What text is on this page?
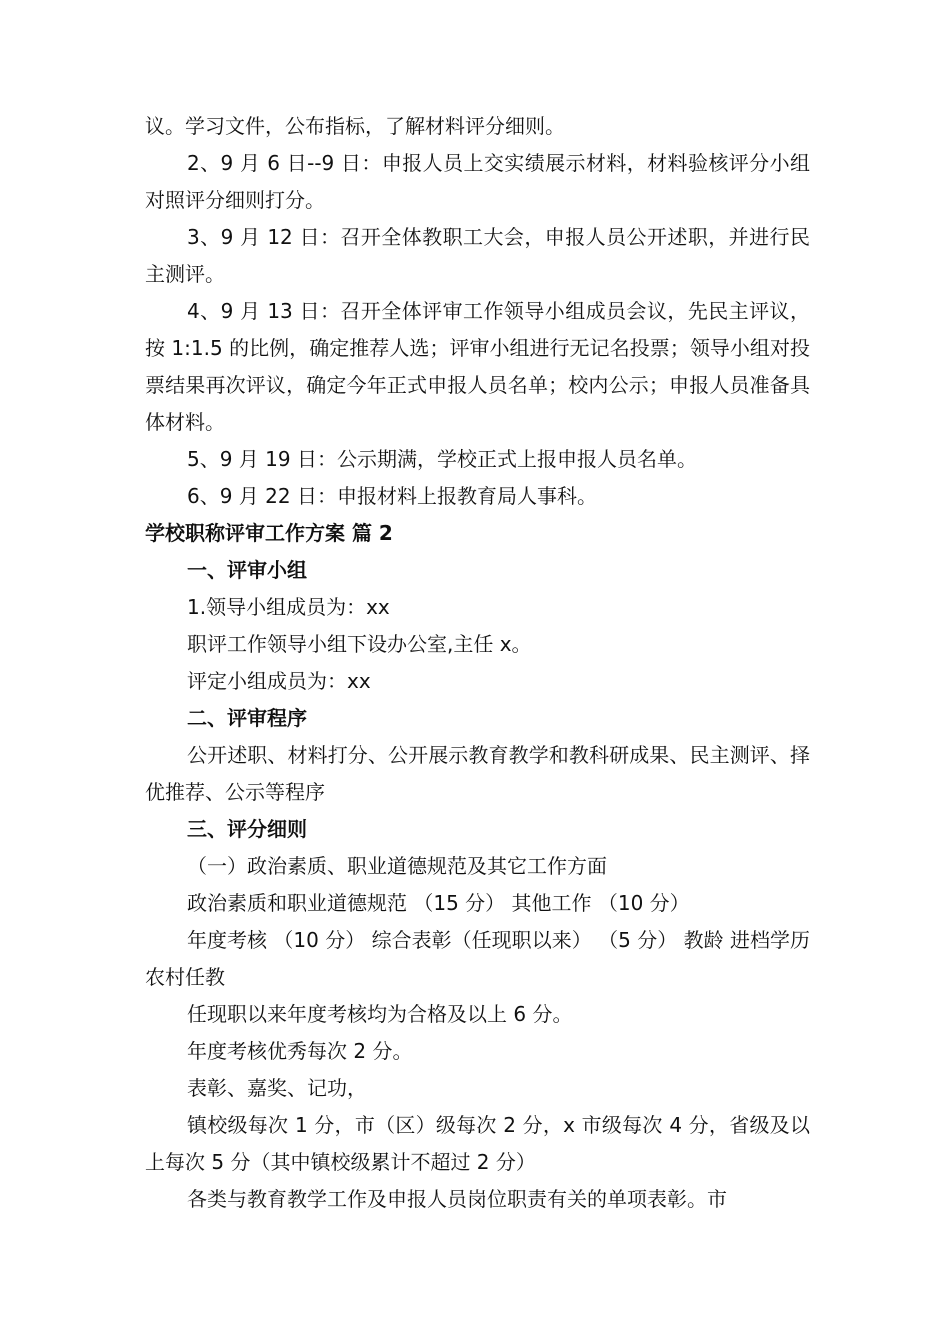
议。学习文件，公布指标，了解材料评分细则。

2、9 月 6 日--9 日：申报人员上交实绩展示材料，材料验核评分小组对照评分细则打分。

3、9 月 12 日：召开全体教职工大会，申报人员公开述职，并进行民主测评。

4、9 月 13 日：召开全体评审工作领导小组成员会议，先民主评议，按 1:1.5 的比例，确定推荐人选；评审小组进行无记名投票；领导小组对投票结果再次评议，确定今年正式申报人员名单；校内公示；申报人员准备具体材料。

5、9 月 19 日：公示期满，学校正式上报申报人员名单。

6、9 月 22 日：申报材料上报教育局人事科。

学校职称评审工作方案 篇 2

一、评审小组

1.领导小组成员为：xx

职评工作领导小组下设办公室,主任 x。

评定小组成员为：xx

二、评审程序

公开述职、材料打分、公开展示教育教学和教科研成果、民主测评、择优推荐、公示等程序

三、评分细则

（一）政治素质、职业道德规范及其它工作方面

政治素质和职业道德规范 （15 分） 其他工作 （10 分）

年度考核 （10 分） 综合表彰（任现职以来） （5 分） 教龄 进档学历 农村任教

任现职以来年度考核均为合格及以上 6 分。

年度考核优秀每次 2 分。

表彰、嘉奖、记功，

镇校级每次 1 分，市（区）级每次 2 分，x 市级每次 4 分，省级及以上每次 5 分（其中镇校级累计不超过 2 分）

各类与教育教学工作及申报人员岗位职责有关的单项表彰。市
